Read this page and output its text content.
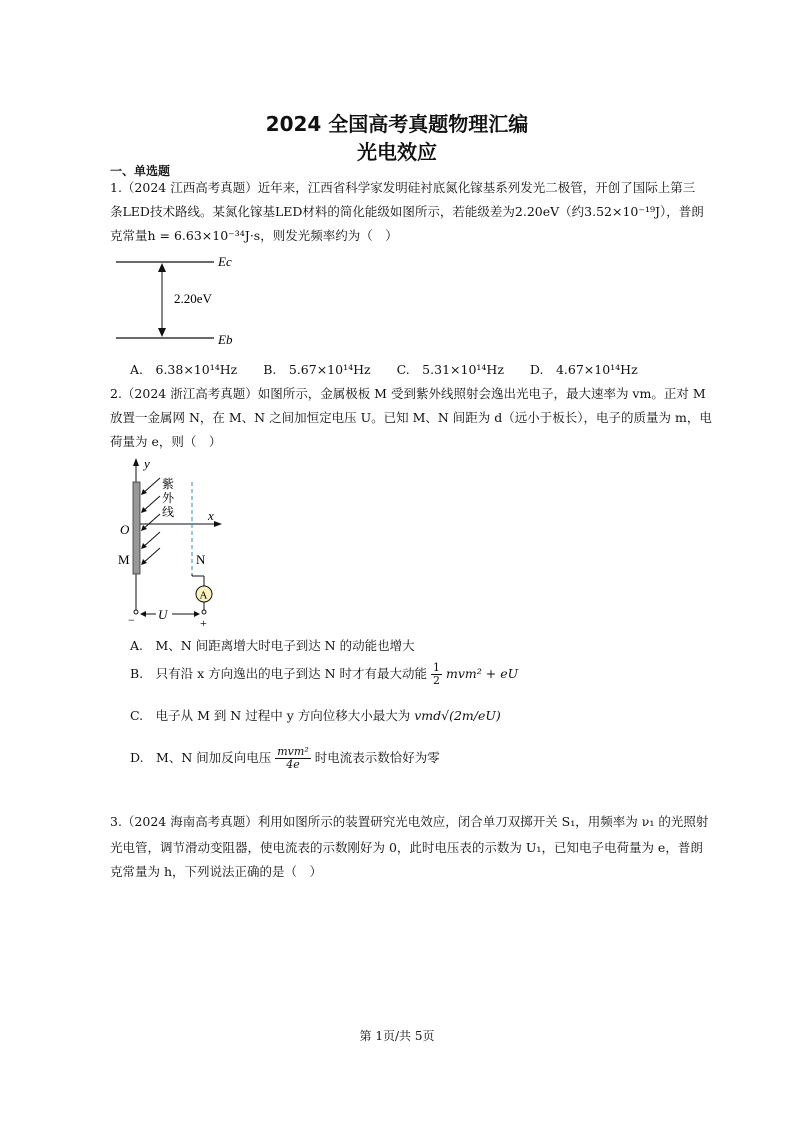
2024 全国高考真题物理汇编
光电效应
一、单选题
1.（2024 江西高考真题）近年来，江西省科学家发明硅衬底氮化镓基系列发光二极管，开创了国际上第三
条LED技术路线。某氮化镓基LED材料的简化能级如图所示，若能级差为2.20eV（约3.52×10⁻¹⁹J），普朗
克常量h = 6.63×10⁻³⁴J·s，则发光频率约为（　）
Ec
Eb
2.20eV
A.　6.38×10¹⁴Hz B.　5.67×10¹⁴Hz C.　5.31×10¹⁴Hz D.　4.67×10¹⁴Hz
2.（2024 浙江高考真题）如图所示，金属极板 M 受到紫外线照射会逸出光电子，最大速率为 vm。正对 M
放置一金属网 N，在 M、N 之间加恒定电压 U。已知 M、N 间距为 d（远小于板长），电子的质量为 m，电
荷量为 e，则（　）
y
x
O
紫
外
线
M	N
A
U
−	+
A.　M、N 间距离增大时电子到达 N 的动能也增大
B.　只有沿 x 方向逸出的电子到达 N 时才有最大动能 $\frac{1}{2} mvm^2$ + eU
C.　电子从 M 到 N 过程中 y 方向位移大小最大为 vmd√(2m/eU)
D.　M、N 间加反向电压 $\frac{\text{mvm²}}{4e}$ 时电流表示数恰好为零
3.（2024 海南高考真题）利用如图所示的装置研究光电效应，闭合单刀双掷开关 S₁，用频率为 ν₁ 的光照射
光电管，调节滑动变阻器，使电流表的示数刚好为 0，此时电压表的示数为 U₁，已知电子电荷量为 e，普朗
克常量为 h，下列说法正确的是（　）
第 1页/共 5页
